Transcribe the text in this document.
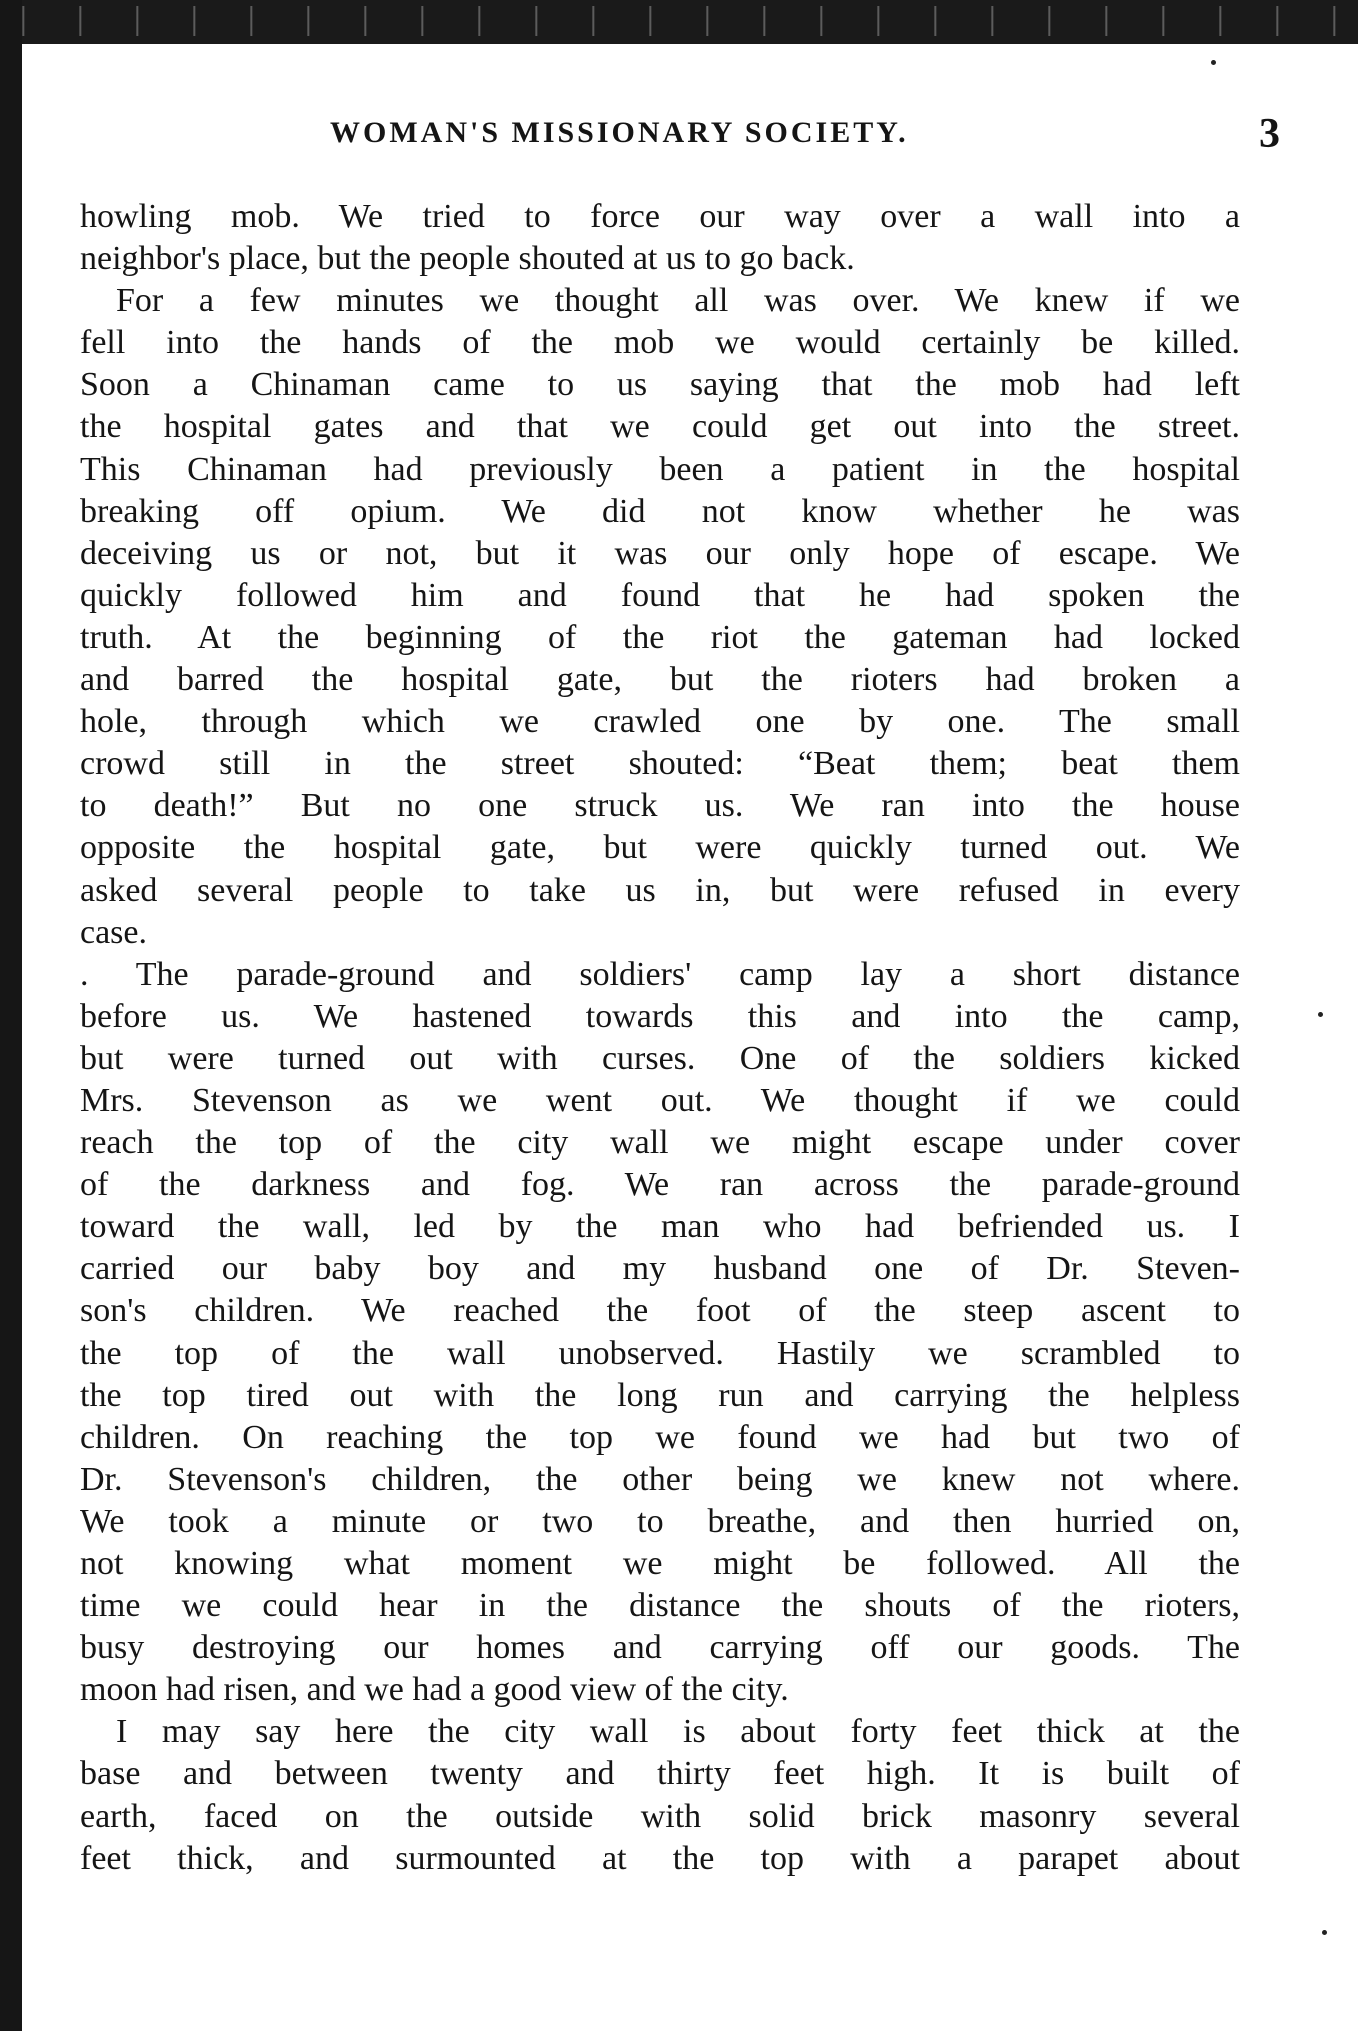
WOMAN'S MISSIONARY SOCIETY.	3
howling mob. We tried to force our way over a wall into a
neighbor's place, but the people shouted at us to go back.
For a few minutes we thought all was over. We knew if we
fell into the hands of the mob we would certainly be killed.
Soon a Chinaman came to us saying that the mob had left
the hospital gates and that we could get out into the street.
This Chinaman had previously been a patient in the hospital
breaking off opium. We did not know whether he was
deceiving us or not, but it was our only hope of escape. We
quickly followed him and found that he had spoken the
truth. At the beginning of the riot the gateman had locked
and barred the hospital gate, but the rioters had broken a
hole, through which we crawled one by one. The small
crowd still in the street shouted: “Beat them; beat them
to death!” But no one struck us. We ran into the house
opposite the hospital gate, but were quickly turned out. We
asked several people to take us in, but were refused in every
case.
. The parade-ground and soldiers' camp lay a short distance
before us. We hastened towards this and into the camp,
but were turned out with curses. One of the soldiers kicked
Mrs. Stevenson as we went out. We thought if we could
reach the top of the city wall we might escape under cover
of the darkness and fog. We ran across the parade-ground
toward the wall, led by the man who had befriended us. I
carried our baby boy and my husband one of Dr. Steven-
son's children. We reached the foot of the steep ascent to
the top of the wall unobserved. Hastily we scrambled to
the top tired out with the long run and carrying the helpless
children. On reaching the top we found we had but two of
Dr. Stevenson's children, the other being we knew not where.
We took a minute or two to breathe, and then hurried on,
not knowing what moment we might be followed. All the
time we could hear in the distance the shouts of the rioters,
busy destroying our homes and carrying off our goods. The
moon had risen, and we had a good view of the city.
I may say here the city wall is about forty feet thick at the
base and between twenty and thirty feet high. It is built of
earth, faced on the outside with solid brick masonry several
feet thick, and surmounted at the top with a parapet about
